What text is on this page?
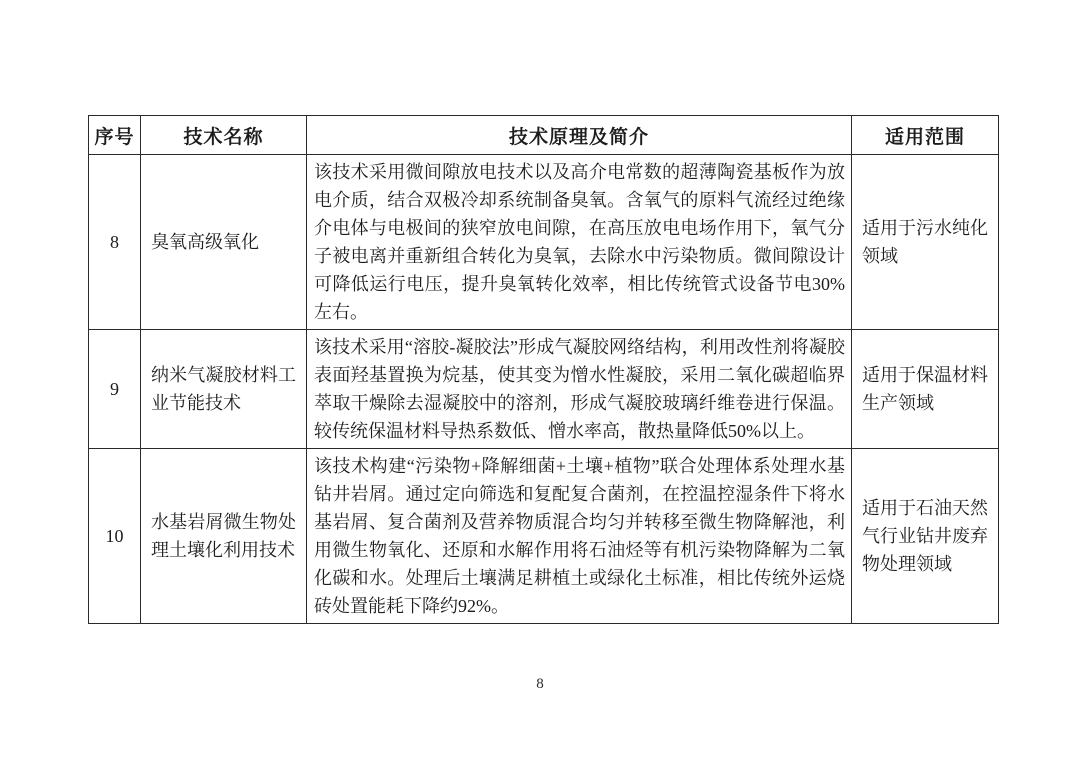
序号	技术名称	技术原理及简介	适用范围
8	臭氧高级氧化	该技术采用微间隙放电技术以及高介电常数的超薄陶瓷基板作为放电介质，结合双极冷却系统制备臭氧。含氧气的原料气流经过绝缘介电体与电极间的狭窄放电间隙，在高压放电电场作用下，氧气分子被电离并重新组合转化为臭氧，去除水中污染物质。微间隙设计可降低运行电压，提升臭氧转化效率，相比传统管式设备节电30%左右。	适用于污水纯化领域
9	纳米气凝胶材料工业节能技术	该技术采用“溶胶-凝胶法”形成气凝胶网络结构，利用改性剂将凝胶表面羟基置换为烷基，使其变为憎水性凝胶，采用二氧化碳超临界萃取干燥除去湿凝胶中的溶剂，形成气凝胶玻璃纤维卷进行保温。较传统保温材料导热系数低、憎水率高，散热量降低50%以上。	适用于保温材料生产领域
10	水基岩屑微生物处理土壤化利用技术	该技术构建“污染物+降解细菌+土壤+植物”联合处理体系处理水基钻井岩屑。通过定向筛选和复配复合菌剂，在控温控湿条件下将水基岩屑、复合菌剂及营养物质混合均匀并转移至微生物降解池，利用微生物氧化、还原和水解作用将石油烃等有机污染物降解为二氧化碳和水。处理后土壤满足耕植土或绿化土标准，相比传统外运烧砖处置能耗下降约92%。	适用于石油天然气行业钻井废弃物处理领域
8
